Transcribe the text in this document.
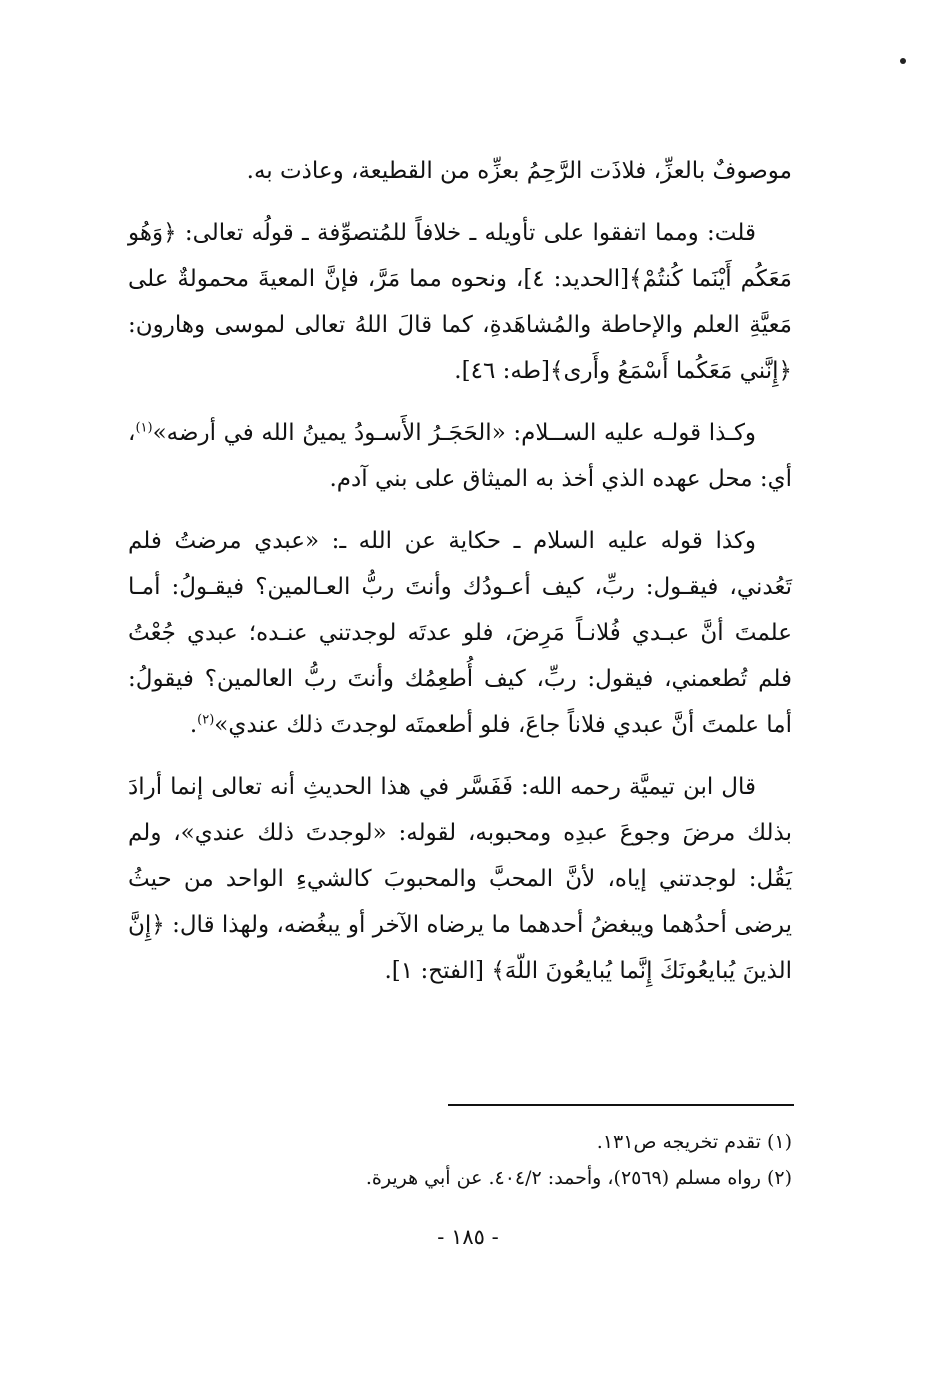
موصوفٌ بالعزِّ، فلاذَت الرَّحِمُ بعزِّه من القطيعة، وعاذت به.

قلت: ومما اتفقوا على تأويله ـ خلافاً للمُتصوِّفة ـ قولُه تعالى: ﴿وَهُو مَعَكُم أَيْنَما كُنتُمْ﴾[الحديد: ٤]، ونحوه مما مَرَّ، فإنَّ المعيةَ محمولةٌ على مَعيَّةِ العلم والإحاطة والمُشاهَدةِ، كما قالَ اللهُ تعالى لموسى وهارون: ﴿إِنَّني مَعَكُما أَسْمَعُ وأَرى﴾[طه: ٤٦].

وكـذا قولـه عليه الســلام: «الحَجَـرُ الأَسـودُ يمينُ الله في أرضه»$^{(١)}$، أي: محل عهده الذي أخذ به الميثاق على بني آدم.

وكذا قوله عليه السلام ـ حكاية عن الله ـ: «عبدي مرضتُ فلم تَعُدني، فيقـول: ربِّ، كيف أعـودُك وأنتَ ربُّ العـالمين؟ فيقـولُ: أمـا علمتَ أنَّ عبـدي فُلانـاً مَرِضَ، فلو عدتَه لوجدتني عنـده؛ عبدي جُعْتُ فلم تُطعمني، فيقول: ربِّ، كيف أُطعِمُك وأنتَ ربُّ العالمين؟ فيقولُ: أما علمتَ أنَّ عبدي فلاناً جاعَ، فلو أطعمتَه لوجدتَ ذلك عندي»$^{(٢)}$.

قال ابن تيميَّة رحمه الله: فَفَسَّر في هذا الحديثِ أنه تعالى إنما أرادَ بذلك مرضَ وجوعَ عبدِه ومحبوبه، لقوله: «لوجدتَ ذلك عندي»، ولم يَقُل: لوجدتني إياه، لأنَّ المحبَّ والمحبوبَ كالشيءِ الواحد من حيثُ يرضى أحدُهما ويبغضُ أحدهما ما يرضاه الآخر أو يبغُضه، ولهذا قال: ﴿إِنَّ الذينَ يُبايعُونَكَ إِنَّما يُبايعُونَ اللّهَ﴾ [الفتح: ١].

(١) تقدم تخريجه ص١٣١.

(٢) رواه مسلم (٢٥٦٩)، وأحمد: ٤٠٤/٢. عن أبي هريرة.

- ١٨٥ -
